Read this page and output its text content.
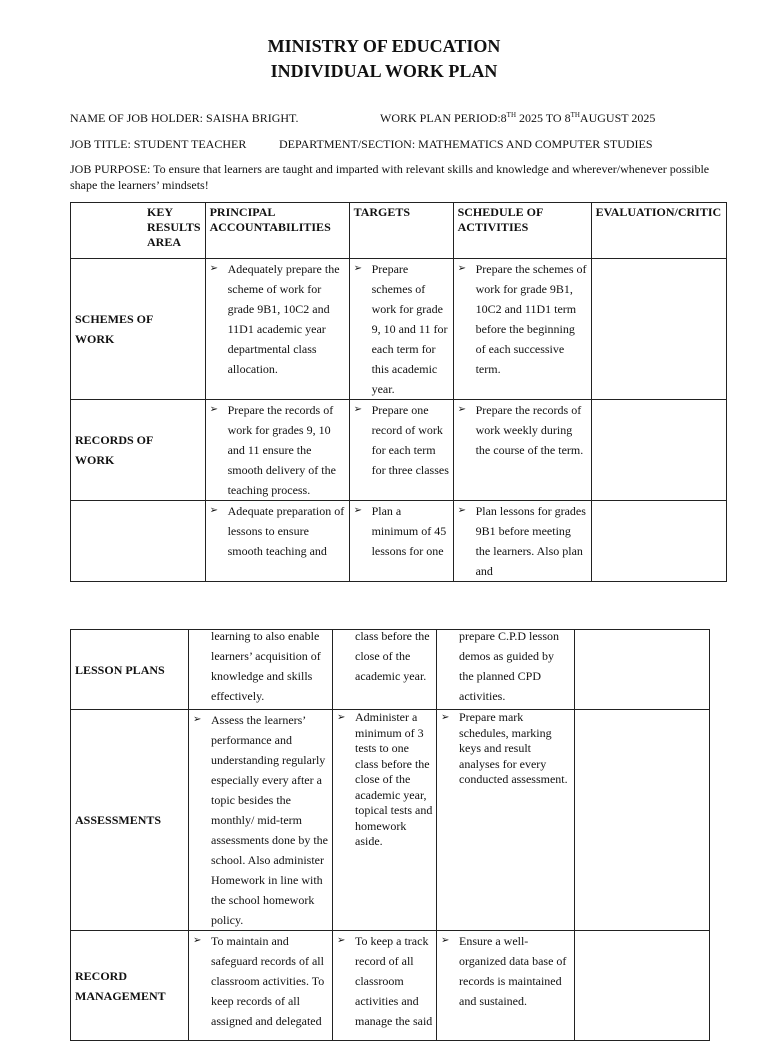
MINISTRY OF EDUCATION
INDIVIDUAL WORK PLAN
NAME OF JOB HOLDER: SAISHA BRIGHT.	WORK PLAN PERIOD:8TH 2025 TO 8THAUGUST 2025
JOB TITLE: STUDENT TEACHER	DEPARTMENT/SECTION: MATHEMATICS AND COMPUTER STUDIES
JOB PURPOSE: To ensure that learners are taught and imparted with relevant skills and knowledge and wherever/whenever possible shape the learners’ mindsets!
KEY RESULTS AREA	PRINCIPAL ACCOUNTABILITIES	TARGETS	SCHEDULE OF ACTIVITIES	EVALUATION/CRITIC

SCHEMES OF WORK	➢ Adequately prepare the scheme of work for grade 9B1, 10C2 and 11D1 academic year departmental class allocation.	➢ Prepare schemes of work for grade 9, 10 and 11 for each term for this academic year.	➢ Prepare the schemes of work for grade 9B1, 10C2 and 11D1 term before the beginning of each successive term.	

RECORDS OF WORK	➢ Prepare the records of work for grades 9, 10 and 11 ensure the smooth delivery of the teaching process.	➢ Prepare one record of work for each term for three classes	➢ Prepare the records of work weekly during the course of the term.	

	➢ Adequate preparation of lessons to ensure smooth teaching and	➢ Plan a minimum of 45 lessons for one	➢ Plan lessons for grades 9B1 before meeting the learners. Also plan and	

LESSON PLANS	learning to also enable learners’ acquisition of knowledge and skills effectively.	class before the close of the academic year.	prepare C.P.D lesson demos as guided by the planned CPD activities.	

ASSESSMENTS	➢ Assess the learners’ performance and understanding regularly especially every after a topic besides the monthly/ mid-term assessments done by the school. Also administer Homework in line with the school homework policy.	➢ Administer a minimum of 3 tests to one class before the close of the academic year, topical tests and homework aside.	➢ Prepare mark schedules, marking keys and result analyses for every conducted assessment.	

RECORD MANAGEMENT	➢ To maintain and safeguard records of all classroom activities. To keep records of all assigned and delegated	➢ To keep a track record of all classroom activities and manage the said	➢ Ensure a well-organized data base of records is maintained and sustained.	
